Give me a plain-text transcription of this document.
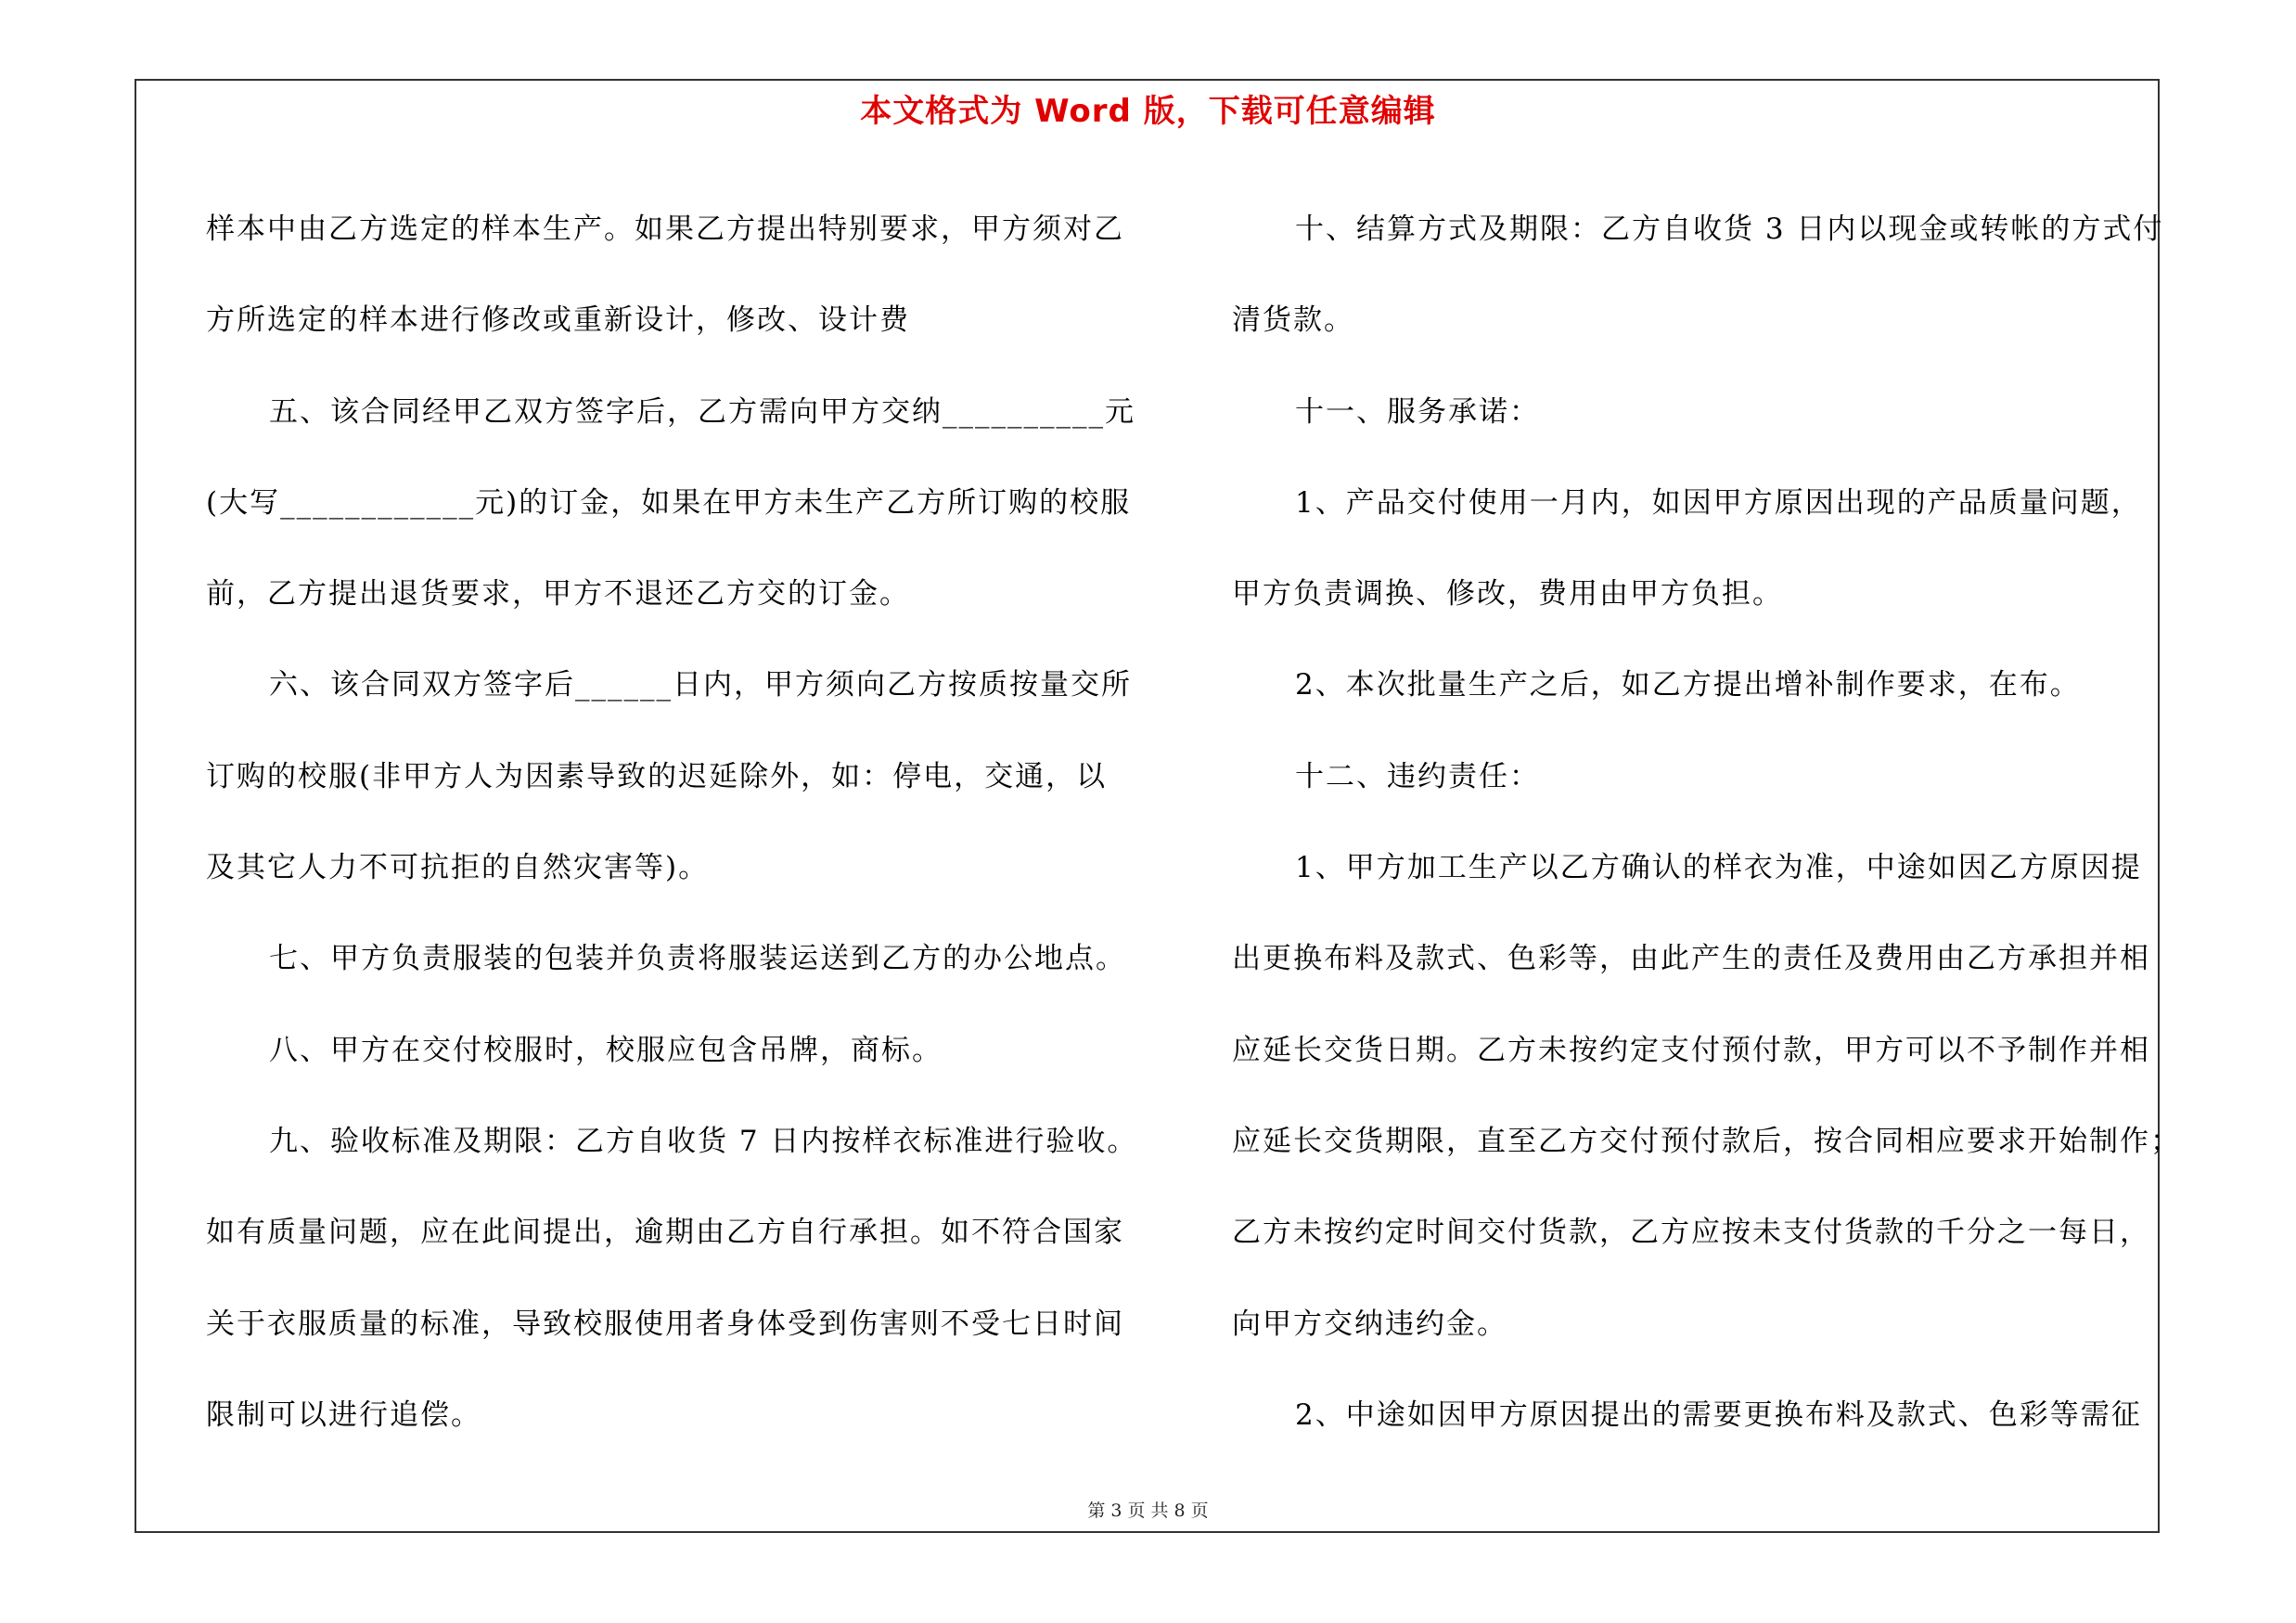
本文格式为 Word 版，下载可任意编辑
样本中由乙方选定的样本生产。如果乙方提出特别要求，甲方须对乙
方所选定的样本进行修改或重新设计，修改、设计费
五、该合同经甲乙双方签字后，乙方需向甲方交纳__________元
(大写____________元)的订金，如果在甲方未生产乙方所订购的校服
前，乙方提出退货要求，甲方不退还乙方交的订金。
六、该合同双方签字后______日内，甲方须向乙方按质按量交所
订购的校服(非甲方人为因素导致的迟延除外，如：停电，交通，以
及其它人力不可抗拒的自然灾害等)。
七、甲方负责服装的包装并负责将服装运送到乙方的办公地点。
八、甲方在交付校服时，校服应包含吊牌，商标。
九、验收标准及期限：乙方自收货 7 日内按样衣标准进行验收。
如有质量问题，应在此间提出，逾期由乙方自行承担。如不符合国家
关于衣服质量的标准，导致校服使用者身体受到伤害则不受七日时间
限制可以进行追偿。
十、结算方式及期限：乙方自收货 3 日内以现金或转帐的方式付
清货款。
十一、服务承诺：
1、产品交付使用一月内，如因甲方原因出现的产品质量问题，
甲方负责调换、修改，费用由甲方负担。
2、本次批量生产之后，如乙方提出增补制作要求，在布。
十二、违约责任：
1、甲方加工生产以乙方确认的样衣为准，中途如因乙方原因提
出更换布料及款式、色彩等，由此产生的责任及费用由乙方承担并相
应延长交货日期。乙方未按约定支付预付款，甲方可以不予制作并相
应延长交货期限，直至乙方交付预付款后，按合同相应要求开始制作；
乙方未按约定时间交付货款，乙方应按未支付货款的千分之一每日，
向甲方交纳违约金。
2、中途如因甲方原因提出的需要更换布料及款式、色彩等需征
第 3 页 共 8 页
